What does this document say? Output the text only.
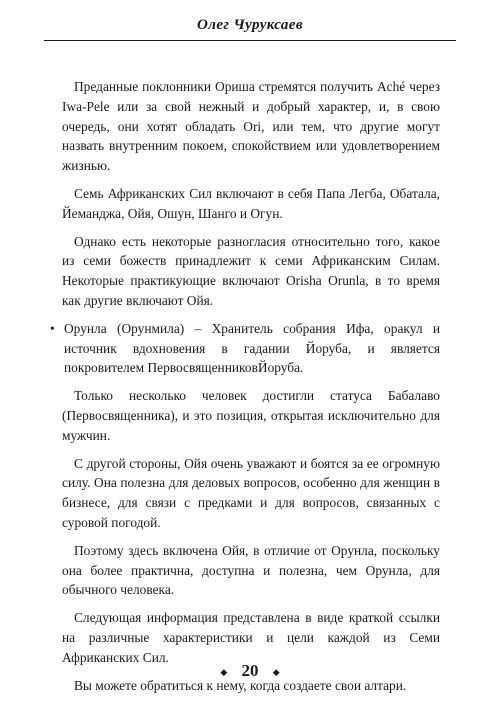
Олег Чуруксаев

Преданные поклонники Ориша стремятся получить Aché через Iwa-Pele или за свой нежный и добрый характер, и, в свою очередь, они хотят обладать Ori, или тем, что другие могут назвать внутренним покоем, спокойствием или удовлетворением жизнью.

Семь Африканских Сил включают в себя Папа Легба, Обатала, Йеманджа, Ойя, Ошун, Шанго и Огун.

Однако есть некоторые разногласия относительно того, какое из семи божеств принадлежит к семи Африканским Силам. Некоторые практикующие включают Orisha Orunla, в то время как другие включают Ойя.

• Орунла (Орунмила) – Хранитель собрания Ифа, оракул и источник вдохновения в гадании Йоруба, и является покровителем ПервосвященниковЙоруба.

Только несколько человек достигли статуса Бабалаво (Первосвященника), и это позиция, открытая исключительно для мужчин.

С другой стороны, Ойя очень уважают и боятся за ее огромную силу. Она полезна для деловых вопросов, особенно для женщин в бизнесе, для связи с предками и для вопросов, связанных с суровой погодой.

Поэтому здесь включена Ойя, в отличие от Орунла, поскольку она более практична, доступна и полезна, чем Орунла, для обычного человека.

Следующая информация представлена в виде краткой ссылки на различные характеристики и цели каждой из Семи Африканских Сил.

Вы можете обратиться к нему, когда создаете свои алтари.

◆ 20 ◆
